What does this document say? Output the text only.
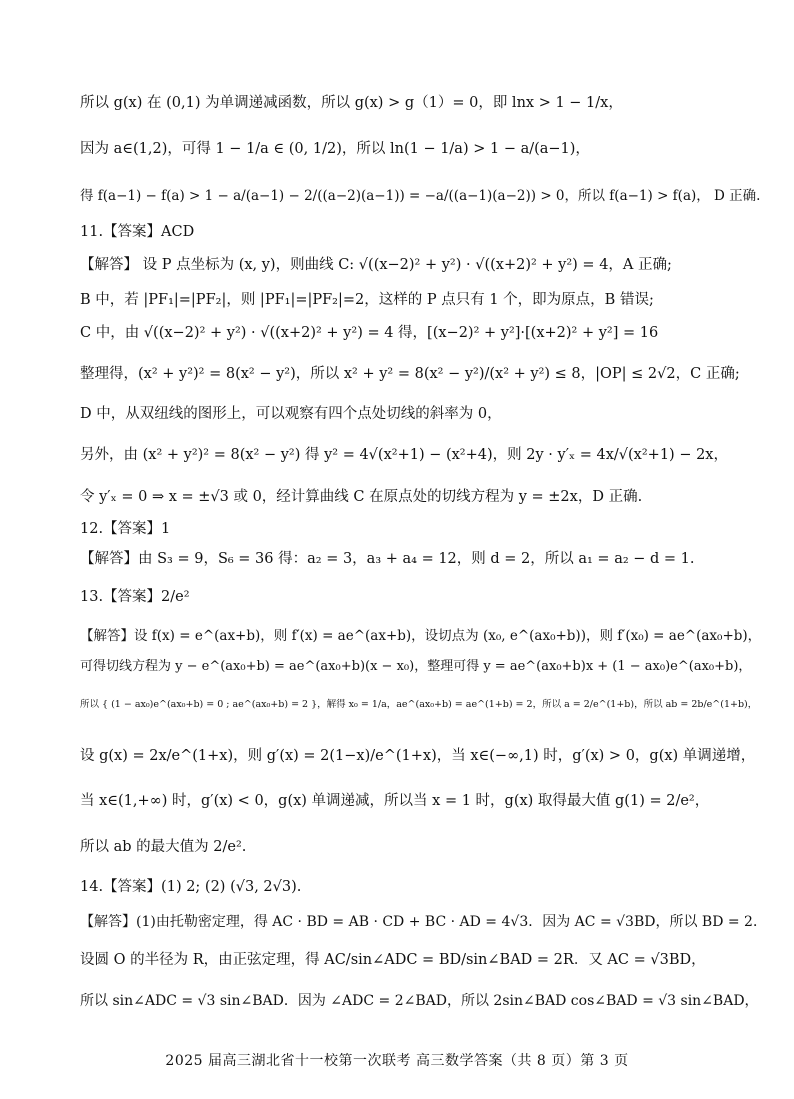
所以 g(x) 在 (0,1) 为单调递减函数，所以 g(x) > g（1）= 0，即 lnx > 1 − 1/x，
因为 a∈(1,2)，可得 1 − 1/a ∈ (0, 1/2)，所以 ln(1 − 1/a) > 1 − a/(a−1)，
得 f(a−1) − f(a) > 1 − a/(a−1) − 2/((a−2)(a−1)) = −a/((a−1)(a−2)) > 0，所以 f(a−1) > f(a)， D 正确.
11.【答案】ACD
【解答】 设 P 点坐标为 (x, y)，则曲线 C: √((x−2)² + y²) · √((x+2)² + y²) = 4，A 正确;
B 中，若 |PF₁|=|PF₂|，则 |PF₁|=|PF₂|=2，这样的 P 点只有 1 个，即为原点，B 错误;
C 中，由 √((x−2)² + y²) · √((x+2)² + y²) = 4 得，[(x−2)² + y²]·[(x+2)² + y²] = 16
整理得，(x² + y²)² = 8(x² − y²)，所以 x² + y² = 8(x² − y²)/(x² + y²) ≤ 8，|OP| ≤ 2√2，C 正确;
D 中，从双纽线的图形上，可以观察有四个点处切线的斜率为 0，
另外，由 (x² + y²)² = 8(x² − y²) 得 y² = 4√(x²+1) − (x²+4)，则 2y · y′ₓ = 4x/√(x²+1) − 2x，
令 y′ₓ = 0 ⇒ x = ±√3 或 0，经计算曲线 C 在原点处的切线方程为 y = ±2x，D 正确.
12.【答案】1
【解答】由 S₃ = 9，S₆ = 36 得：a₂ = 3，a₃ + a₄ = 12，则 d = 2，所以 a₁ = a₂ − d = 1.
13.【答案】2/e²
【解答】设 f(x) = e^(ax+b)，则 f′(x) = ae^(ax+b)，设切点为 (x₀, e^(ax₀+b))，则 f′(x₀) = ae^(ax₀+b)，
可得切线方程为 y − e^(ax₀+b) = ae^(ax₀+b)(x − x₀)，整理可得 y = ae^(ax₀+b)x + (1 − ax₀)e^(ax₀+b)，
所以 { (1 − ax₀)e^(ax₀+b) = 0 ; ae^(ax₀+b) = 2 }，解得 x₀ = 1/a，ae^(ax₀+b) = ae^(1+b) = 2，所以 a = 2/e^(1+b)，所以 ab = 2b/e^(1+b)，
设 g(x) = 2x/e^(1+x)，则 g′(x) = 2(1−x)/e^(1+x)，当 x∈(−∞,1) 时，g′(x) > 0，g(x) 单调递增，
当 x∈(1,+∞) 时，g′(x) < 0，g(x) 单调递减，所以当 x = 1 时，g(x) 取得最大值 g(1) = 2/e²，
所以 ab 的最大值为 2/e².
14.【答案】(1) 2; (2) (√3, 2√3).
【解答】(1)由托勒密定理，得 AC · BD = AB · CD + BC · AD = 4√3．因为 AC = √3BD，所以 BD = 2．
设圆 O 的半径为 R，由正弦定理，得 AC/sin∠ADC = BD/sin∠BAD = 2R．又 AC = √3BD，
所以 sin∠ADC = √3 sin∠BAD．因为 ∠ADC = 2∠BAD，所以 2sin∠BAD cos∠BAD = √3 sin∠BAD，
2025 届高三湖北省十一校第一次联考 高三数学答案（共 8 页）第 3 页
